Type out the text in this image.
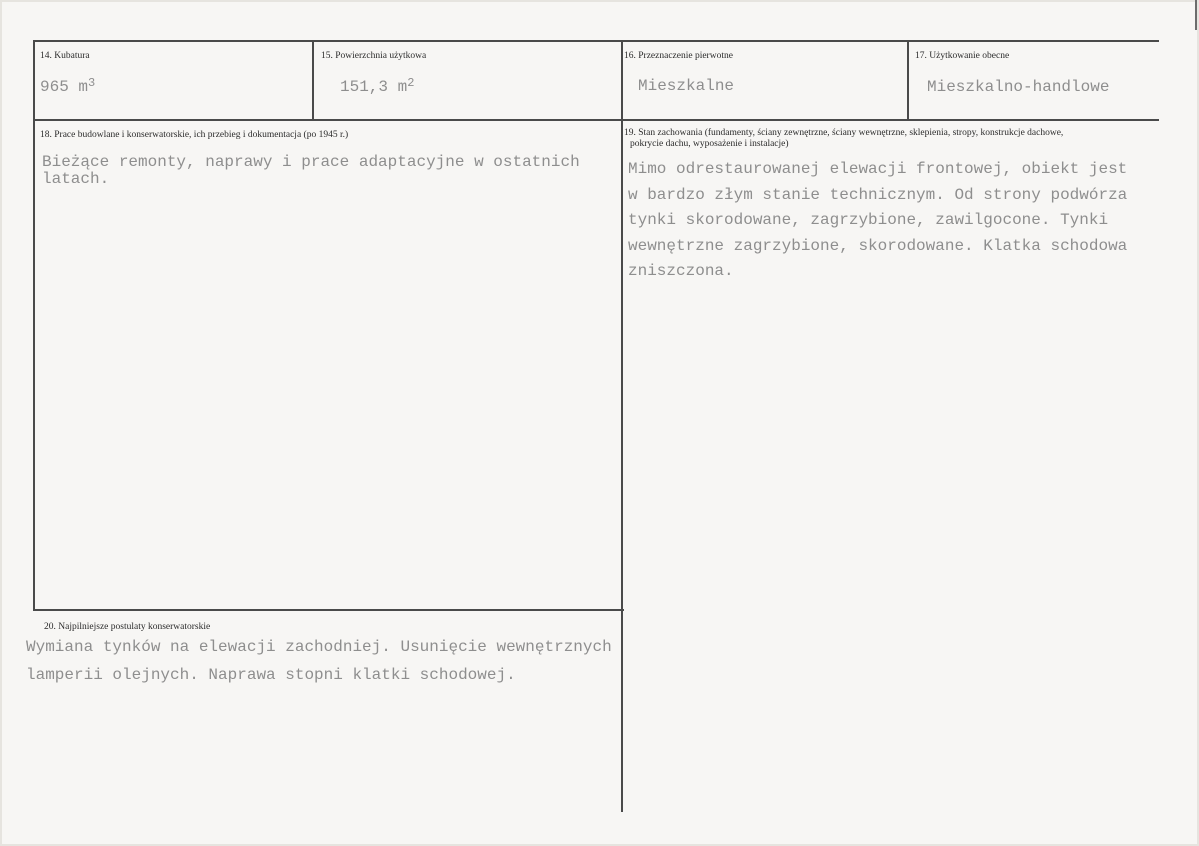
14. Kubatura
965 $m^3$
15. Powierzchnia użytkowa
151,3 $m^2$
16. Przeznaczenie pierwotne
Mieszkalne
17. Użytkowanie obecne
Mieszkalno-handlowe
18. Prace budowlane i konserwatorskie, ich przebieg i dokumentacja (po 1945 r.)
Bieżące remonty, naprawy i prace adaptacyjne w ostatnich
latach.
19. Stan zachowania (fundamenty, ściany zewnętrzne, ściany wewnętrzne, sklepienia, stropy, konstrukcje dachowe,
pokrycie dachu, wyposażenie i instalacje)
Mimo odrestaurowanej elewacji frontowej, obiekt jest
w bardzo złym stanie technicznym. Od strony podwórza
tynki skorodowane, zagrzybione, zawilgocone. Tynki
wewnętrzne zagrzybione, skorodowane. Klatka schodowa
zniszczona.
20. Najpilniejsze postulaty konserwatorskie
Wymiana tynków na elewacji zachodniej. Usunięcie wewnętrznych
lamperii olejnych. Naprawa stopni klatki schodowej.
